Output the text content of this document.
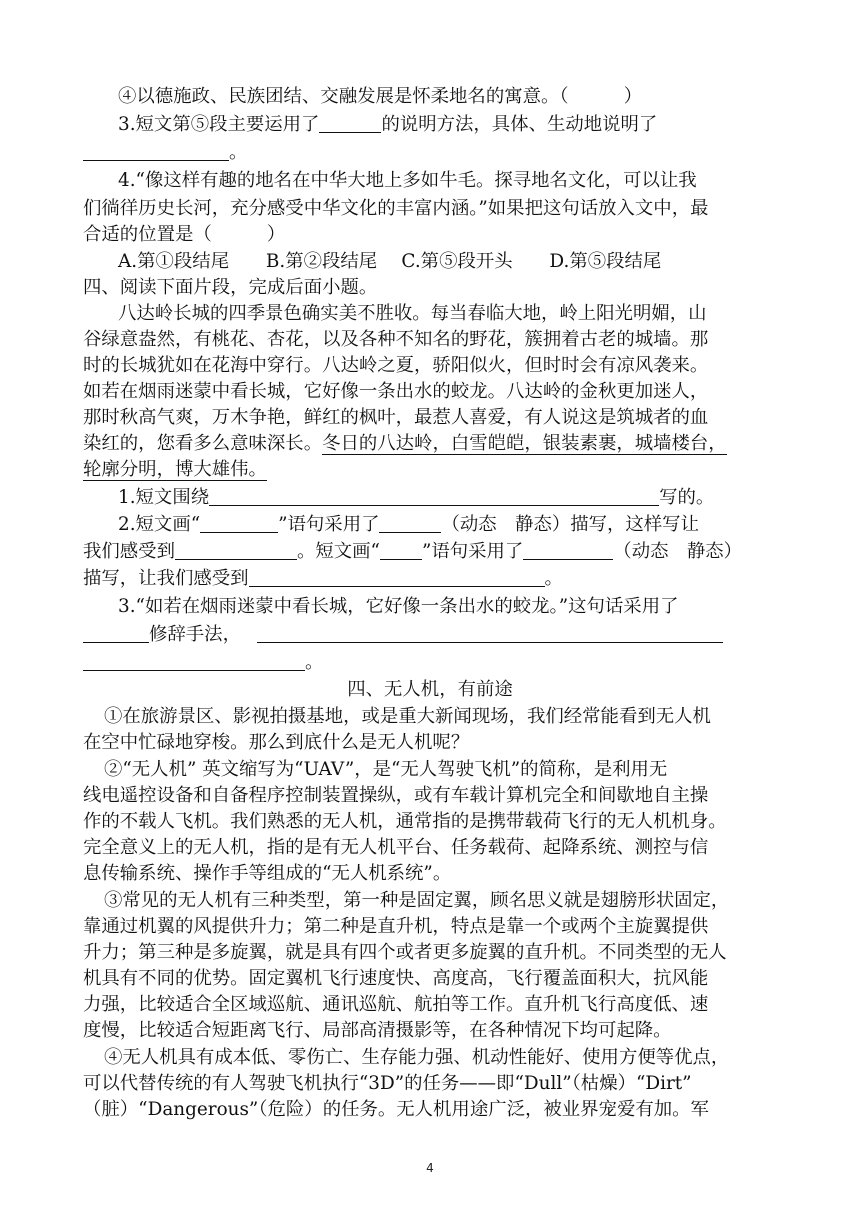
④以德施政、民族团结、交融发展是怀柔地名的寓意。（　　　）
3.短文第⑤段主要运用了	的说明方法，具体、生动地说明了
。
4.“像这样有趣的地名在中华大地上多如牛毛。探寻地名文化，可以让我
们徜徉历史长河，充分感受中华文化的丰富内涵。”如果把这句话放入文中，最
合适的位置是（　　　）
A.第①段结尾　　B.第②段结尾　 C.第⑤段开头　　D.第⑤段结尾
四、阅读下面片段，完成后面小题。
八达岭长城的四季景色确实美不胜收。每当春临大地，岭上阳光明媚，山
谷绿意盎然，有桃花、杏花，以及各种不知名的野花，簇拥着古老的城墙。那
时的长城犹如在花海中穿行。八达岭之夏，骄阳似火，但时时会有凉风袭来。
如若在烟雨迷蒙中看长城，它好像一条出水的蛟龙。八达岭的金秋更加迷人，
那时秋高气爽，万木争艳，鲜红的枫叶，最惹人喜爱，有人说这是筑城者的血
染红的，您看多么意味深长。冬日的八达岭，白雪皑皑，银装素裹，城墙楼台，
轮廓分明，博大雄伟。
1.短文围绕	写的。
2.短文画“	”语句采用了	（动态　静态）描写，这样写让
我们感受到	。短文画“ ”语句采用了	（动态　静态）
描写，让我们感受到	。
3.“如若在烟雨迷蒙中看长城，它好像一条出水的蛟龙。”这句话采用了
修辞手法，
。
四、无人机，有前途
①在旅游景区、影视拍摄基地，或是重大新闻现场，我们经常能看到无人机
在空中忙碌地穿梭。那么到底什么是无人机呢？
②“无人机” 英文缩写为“UAV”，是“无人驾驶飞机”的简称，是利用无
线电遥控设备和自备程序控制装置操纵，或有车载计算机完全和间歇地自主操
作的不载人飞机。我们熟悉的无人机，通常指的是携带载荷飞行的无人机机身。
完全意义上的无人机，指的是有无人机平台、任务载荷、起降系统、测控与信
息传输系统、操作手等组成的“无人机系统”。
③常见的无人机有三种类型，第一种是固定翼，顾名思义就是翅膀形状固定，
靠通过机翼的风提供升力；第二种是直升机，特点是靠一个或两个主旋翼提供
升力；第三种是多旋翼，就是具有四个或者更多旋翼的直升机。不同类型的无人
机具有不同的优势。固定翼机飞行速度快、高度高，飞行覆盖面积大，抗风能
力强，比较适合全区域巡航、通讯巡航、航拍等工作。直升机飞行高度低、速
度慢，比较适合短距离飞行、局部高清摄影等，在各种情况下均可起降。
④无人机具有成本低、零伤亡、生存能力强、机动性能好、使用方便等优点，
可以代替传统的有人驾驶飞机执行“3D”的任务——即“Dull”（枯燥）“Dirt”
（脏）“Dangerous”（危险）的任务。无人机用途广泛，被业界宠爱有加。军
4
